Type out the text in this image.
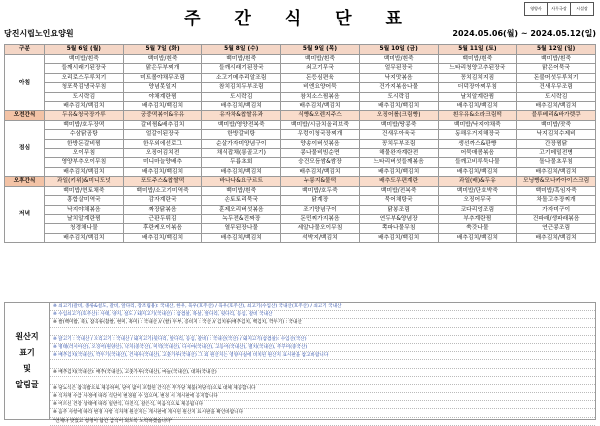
주 간 식 단 표
영양사	사무국장	시설장
당진시립노인요양원	2024.05.06(월) ~ 2024.05.12(일)
구분	5월 6일 (월)	5월 7일 (화)	5월 8일 (수)	5월 9일 (목)	5월 10일 (금)	5월 11일 (토)	5월 12일 (일)
아침	백미밥/흰죽	백미밥/흰죽	백미밥/흰죽	백미밥/흰죽	백미밥/흰죽	백미밥/흰죽	백미밥/흰죽
	들깨시래기된장국	맑은두부찌개	들깨시래기된장국	쇠고기무국	얼무된장국	느타리청양고추된장국	맑은어묵국
	오리로스두루치기	미트볼야채무조림	소고기메추리알조림	돈등심편육	낙지맛볶음	꽁치김치지짐	돈불머섯두루치기
	청포묵김냉국무침	양념못일지	참치김치두부조림	비엔요양어묵	건가지볶음나물	더덕장아찌무침	건새우무조림
	도시락김	야채계란찜	도시락김	참치소스찜볶음	도시락김	날치알계란찜	도시락김
	배추김치/백김치	배추김치/백김치	배추김치/백김치	배추김치/백김치	배추김치/백김치	배추김치/백김치	배추김치/백김치
오전간식	두유&청국장가루	궁중떡볶이&우유	유자차&찹쌀유과	식빵&오렌지주스	오징어롤(크림빵)	흰우유&소라크림떡	블루베리&바가렛쿠
점심	백미밥/호두장떡	갈비찜&배추김치	백미밥/영양전복죽	백미밥/시금치올리브죽	백미밥/땅콩죽	백미밥/낙지야채죽	백미밥/잣죽
	수삼닭곰탕	얼갈이된장국	한방갈비탕	우렁이청국장찌개	건새우아욱국	동해우거지해장국	낙지김치수제비
	한방돈갈비찜	한우외에선로그	순살가자미양념구이	양송이버섯볶음	꽁치두부조림	생선까스&판빵	간장찜닭
	오이무침	오징어김치전	채식잡채(롱골고기)	콩나물비빔순면	해물완자계란전	어묵매콤볶음	고기메밀전병
	영양부추오이무침	미니마늘양배추	두릅초회	숭건모듬쌈&쌈장	느타리버섯들깨볶음	들깨고비루둑나물	돌나물초무침
	배추김치/백김치	배추김치/백김치	배추김치/백김치	배추김치/백김치	배추김치/백김치	배추김치/백김치	배추김치/백김치
오후간식	과일(키위)&미니도넛	포도주스&찹쌀떡	바나나&요구르트	누룽지&물떡	배추도우편계란	과일(배)&두유	모닝빵&모나카아이스크림
저녁	백미밥/현토채죽	백미밥/소고기미역죽	백미밥/흰죽	백미밥/호두죽	백미밥/전복죽	백미밥/단호박죽	백미밥/흑임자죽
	흥합살미역국	감자계란국	손토토리묵국	닭계장	묵어채탕국	오징어무국	차돌고추장찌개
	낙지야채볶음	짜장닭볶음	훈제오리버섯볶음	조기양념구이	닭봉조림	코다리엉조림	가자미구이
	날치알계란찜	근판두튀김	녹두전&진짜장	돈민찌가지볶음	연두부&양념장	부추계란찜	건파래/생파래볶음
	청경채나물	후란케오이볶음	열무된장나물	세알나물오이무침	쪽파나물무침	쑥갓나물	연근콩조림
	배추김치/백김치	배추김치/백김치	배추김치/백김치	석박지/백김치	배추김치/백김치	배추김치/백김치	배추김치/백김치
원산지
표기
및
알림글
※ 쇠고기(갈비, 종류&설도, 갈비, 앞다리, 장조림용): 국내산, 한우, 육우(호주산) / 육우(호주산), 쇠고기(수입산) 국내산(호주산) / 쇠고기 국내산
※ 수입쇠고기(호주산): 사태, 양지, 설도 / 돼지고기(국내산) : 삼겹살, 목살, 앞다리, 뒷다리, 등심, 갈비 국내산
※ 쌀(백미밥, 죽), 잡곡류(찹쌀, 현미, 흑미) : 국내산 // (쌀) 두부, 콩비지 : 국산 // 김치류(배추김치, 백김치, 깍두기) : 국내산
※ 닭고기 : 국내산 / 오리고기 : 국내산 / 돼지고기(뒷다리, 앞다리, 등심, 갈비) : 국내산(국산) / 돼지고기(삼겹살): 수입산(국산)
※ 명태(러시아산), 오징어(원양산), 낙지(중국산), 미역(국내산), 다시마(국내산), 고등어(국내산), 멸치(국내산), 주꾸미(중국산)
※ 배추김치(국내산), 깍두기(국내산), 건새우(국내산), 고춧가루(국내산) 그 외 원산지는 영양사실에 비치된 원산지 표시판을 참고바랍니다
※ 배추김치(국내산): 배추(국내산), 고춧가루(국내산), 마늘(국내산), 대파(국내산)
※ 당뇨식은 잡곡밥으로 제공하며, 당이 많이 포함된 간식은 무가당 제품(저당식)으로 대체 제공합니다
※ 식자재 수급 사정에 따라 식단이 변경될 수 있으며, 변경 시 게시판에 공지합니다
※ 어르신 건강 상태에 따라 일반식, 다진식, 갈은식, 미음식으로 제공됩니다
※ 음주 사항에 따라 변경 사항 식자재 원산지는 게시판에 게시된 원산지 표시판을 확인바랍니다
"언제나 맛있고 청정이 담긴 급식이 되도록 노력하겠습니다"
